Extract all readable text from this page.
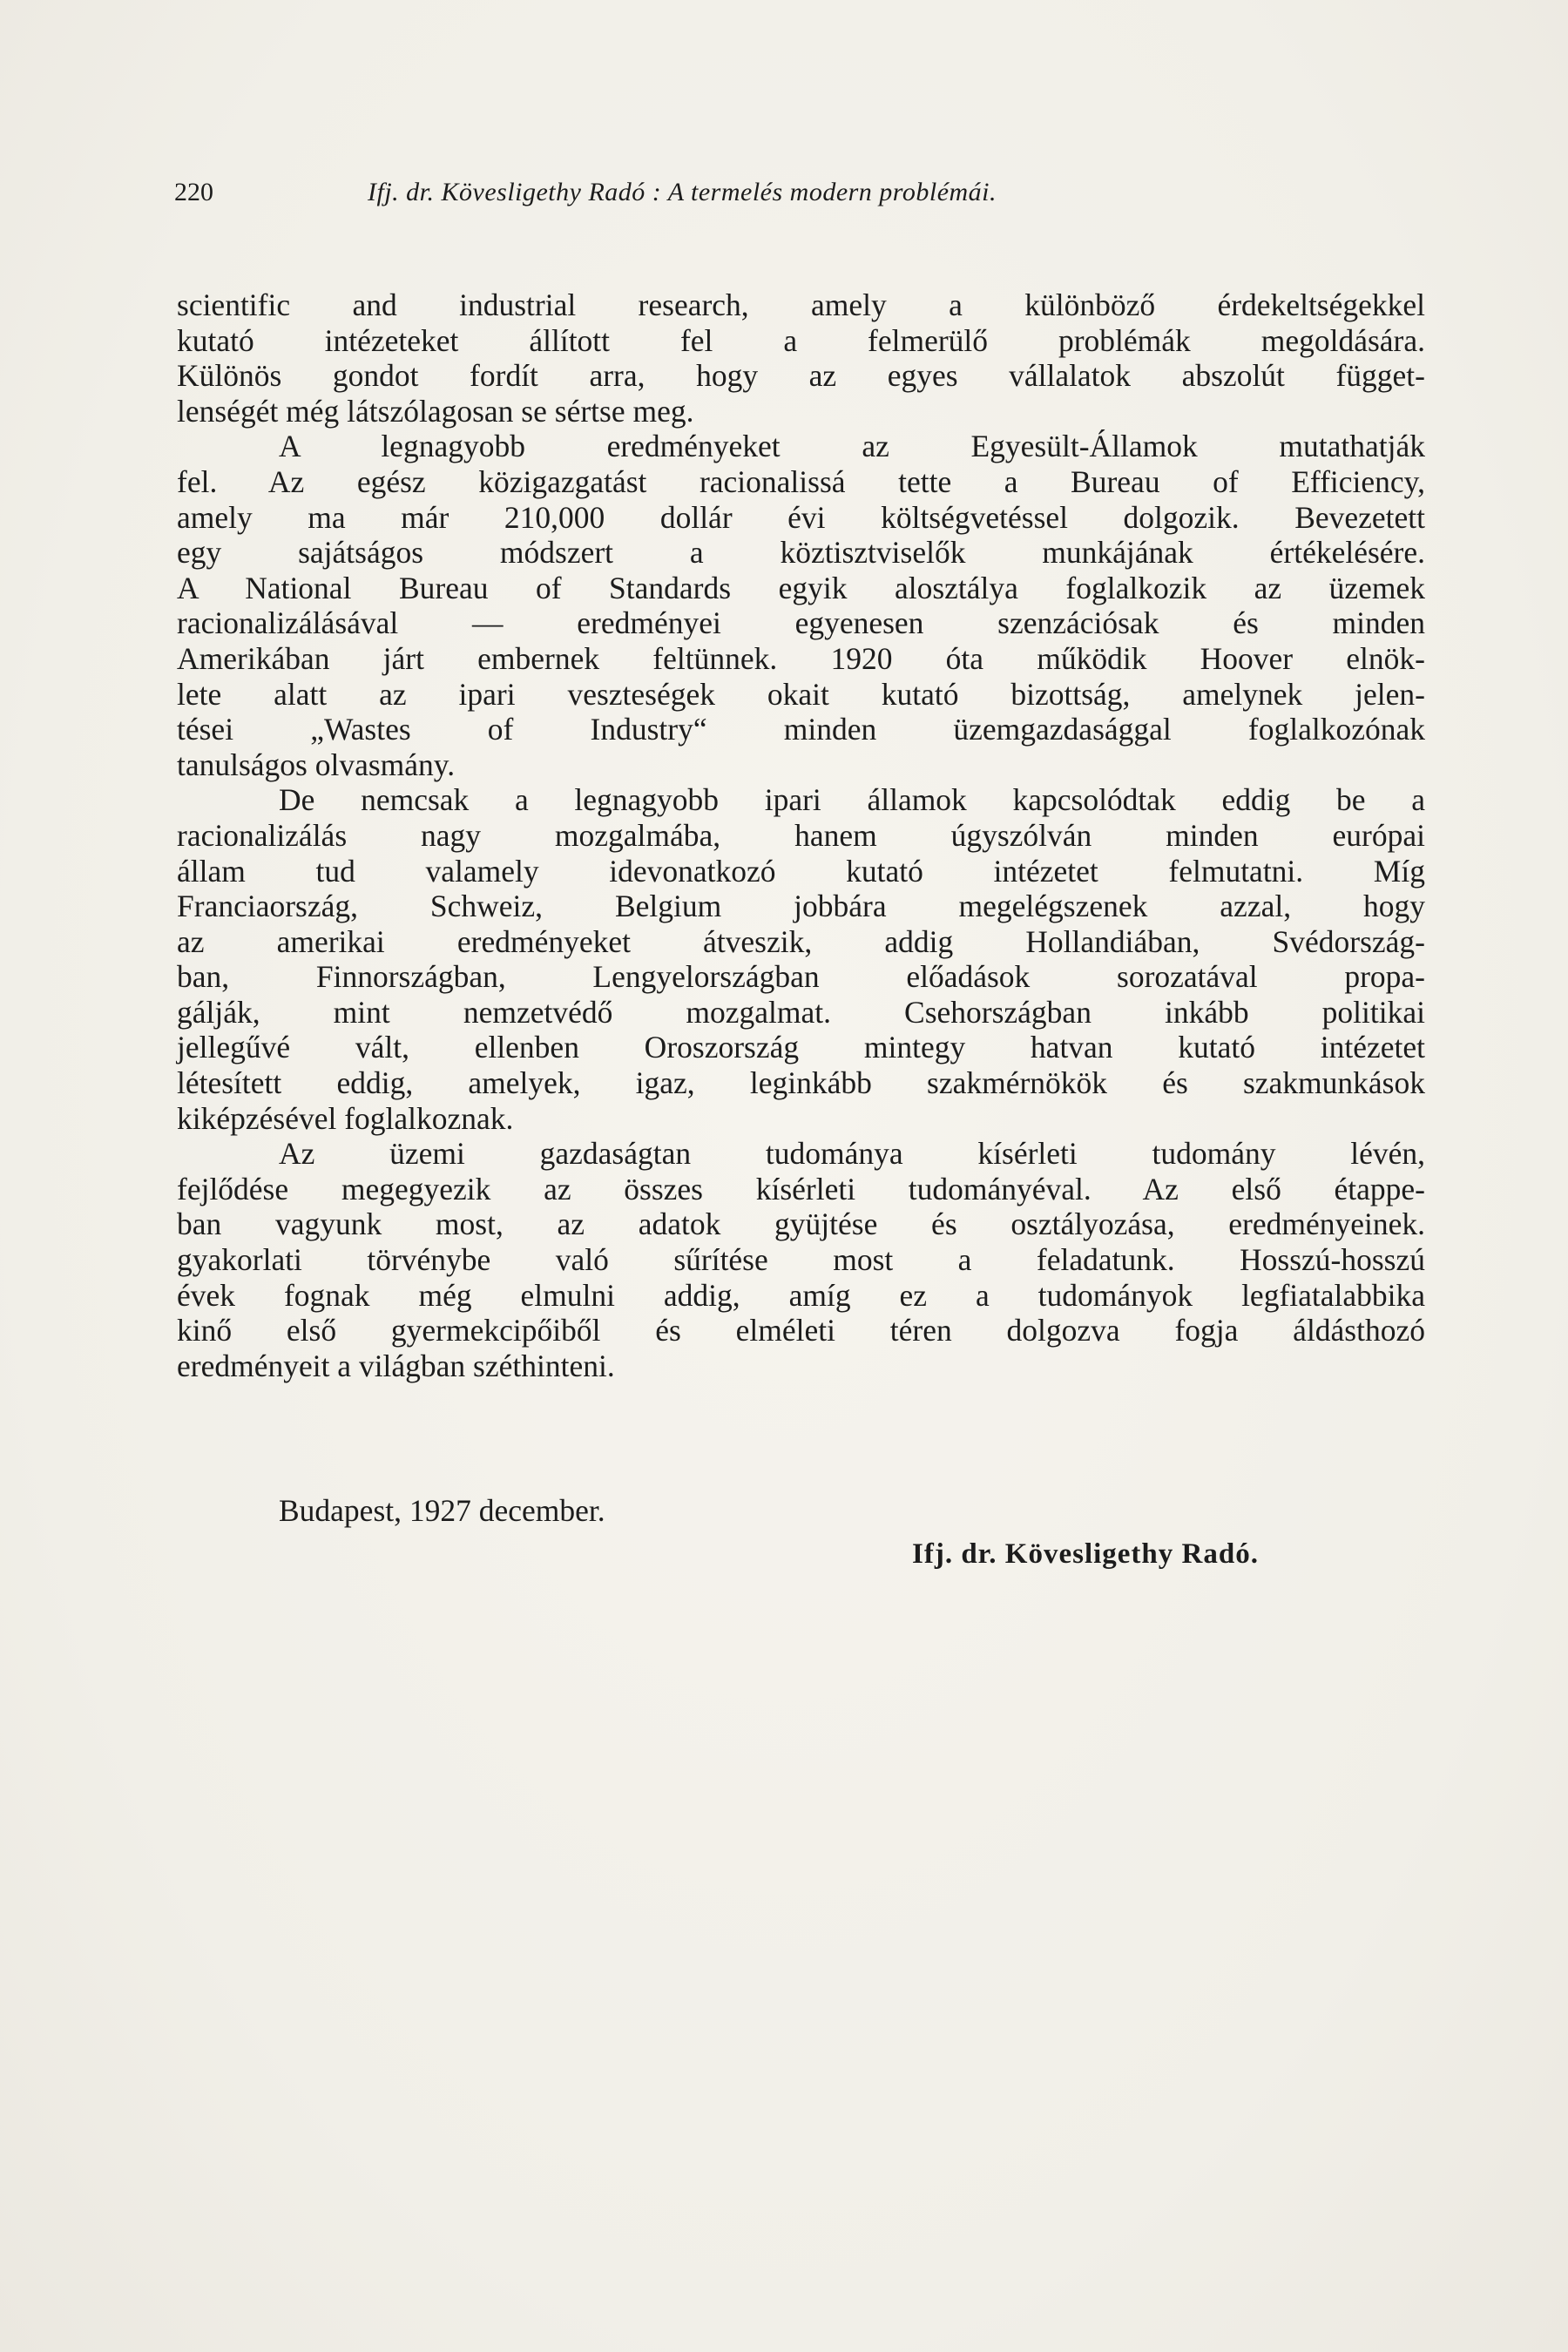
220	Ifj. dr. Kövesligethy Radó : A termelés modern problémái.
scientific and industrial research, amely a különböző érdekeltségekkel
kutató intézeteket állított fel a felmerülő problémák megoldására.
Különös gondot fordít arra, hogy az egyes vállalatok abszolút függet-
lenségét még látszólagosan se sértse meg.
A legnagyobb eredményeket az Egyesült-Államok mutathatják
fel. Az egész közigazgatást racionalissá tette a Bureau of Efficiency,
amely ma már 210,000 dollár évi költségvetéssel dolgozik. Bevezetett
egy sajátságos módszert a köztisztviselők munkájának értékelésére.
A National Bureau of Standards egyik alosztálya foglalkozik az üzemek
racionalizálásával — eredményei egyenesen szenzációsak és minden
Amerikában járt embernek feltünnek. 1920 óta működik Hoover elnök-
lete alatt az ipari veszteségek okait kutató bizottság, amelynek jelen-
tései „Wastes of Industry“ minden üzemgazdasággal foglalkozónak
tanulságos olvasmány.
De nemcsak a legnagyobb ipari államok kapcsolódtak eddig be a
racionalizálás nagy mozgalmába, hanem úgyszólván minden európai
állam tud valamely idevonatkozó kutató intézetet felmutatni. Míg
Franciaország, Schweiz, Belgium jobbára megelégszenek azzal, hogy
az amerikai eredményeket átveszik, addig Hollandiában, Svédország-
ban, Finnországban, Lengyelországban előadások sorozatával propa-
gálják, mint nemzetvédő mozgalmat. Csehországban inkább politikai
jellegűvé vált, ellenben Oroszország mintegy hatvan kutató intézetet
létesített eddig, amelyek, igaz, leginkább szakmérnökök és szakmunkások
kiképzésével foglalkoznak.
Az üzemi gazdaságtan tudománya kísérleti tudomány lévén,
fejlődése megegyezik az összes kísérleti tudományéval. Az első étappe-
ban vagyunk most, az adatok gyüjtése és osztályozása, eredményeinek.
gyakorlati törvénybe való sűrítése most a feladatunk. Hosszú-hosszú
évek fognak még elmulni addig, amíg ez a tudományok legfiatalabbika
kinő első gyermekcipőiből és elméleti téren dolgozva fogja áldásthozó
eredményeit a világban széthinteni.
Budapest, 1927 december.
Ifj. dr. Kövesligethy Radó.
